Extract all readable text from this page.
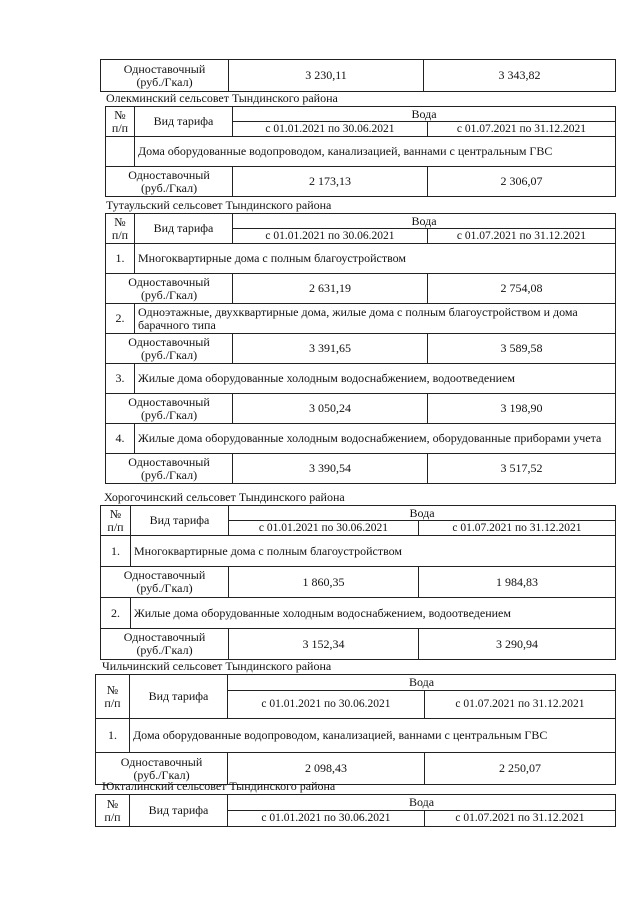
Одноставочный
(руб./Гкал)	3 230,11	3 343,82
Олекминский сельсовет Тындинского района
№
п/п	Вид тарифа	Вода	
		с 01.01.2021 по 30.06.2021	с 01.07.2021 по 31.12.2021
	Дома оборудованные водопроводом, канализацией, ваннами с центральным ГВС		
Одноставочный
(руб./Гкал)		2 173,13	2 306,07
Тутаульский сельсовет Тындинского района
№
п/п	Вид тарифа	Вода	
		с 01.01.2021 по 30.06.2021	с 01.07.2021 по 31.12.2021
1.	Многоквартирные дома с полным благоустройством		
Одноставочный
(руб./Гкал)		2 631,19	2 754,08
2.	Одноэтажные, двухквартирные дома, жилые дома с полным благоустройством и дома барачного типа		
Одноставочный
(руб./Гкал)		3 391,65	3 589,58
3.	Жилые дома оборудованные холодным водоснабжением, водоотведением		
Одноставочный
(руб./Гкал)		3 050,24	3 198,90
4.	Жилые дома оборудованные холодным водоснабжением, оборудованные приборами учета		
Одноставочный
(руб./Гкал)		3 390,54	3 517,52
Хорогочинский сельсовет Тындинского района
№
п/п	Вид тарифа	Вода	
		с 01.01.2021 по 30.06.2021	с 01.07.2021 по 31.12.2021
1.	Многоквартирные дома с полным благоустройством		
Одноставочный
(руб./Гкал)		1 860,35	1 984,83
2.	Жилые дома оборудованные холодным водоснабжением, водоотведением		
Одноставочный
(руб./Гкал)		3 152,34	3 290,94
Чильчинский сельсовет Тындинского района
№
п/п	Вид тарифа	Вода	
		с 01.01.2021 по 30.06.2021	с 01.07.2021 по 31.12.2021
1.	Дома оборудованные водопроводом, канализацией, ваннами с центральным ГВС		
Одноставочный
(руб./Гкал)		2 098,43	2 250,07
Юкталинский сельсовет Тындинского района
№
п/п	Вид тарифа	Вода	
		с 01.01.2021 по 30.06.2021	с 01.07.2021 по 31.12.2021
